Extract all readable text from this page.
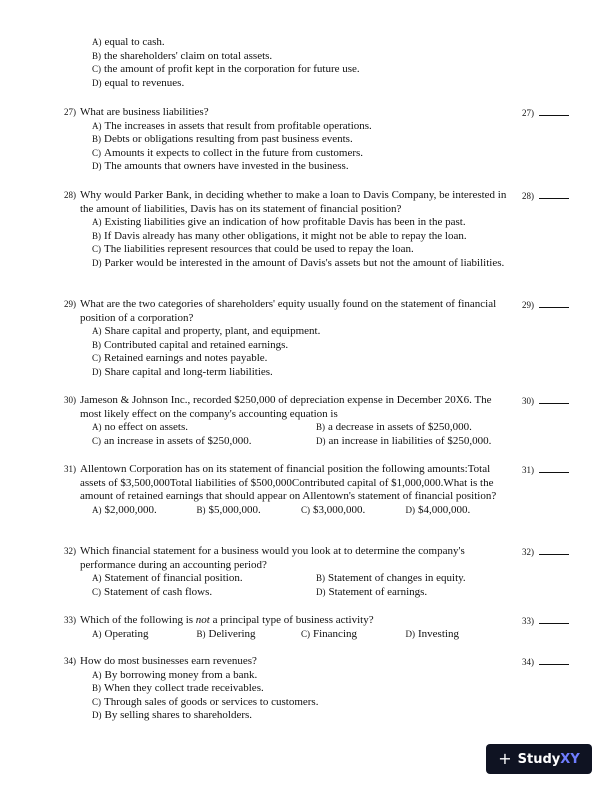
A) equal to cash.
B) the shareholders' claim on total assets.
C) the amount of profit kept in the corporation for future use.
D) equal to revenues.
27) What are business liabilities?
A) The increases in assets that result from profitable operations.
B) Debts or obligations resulting from past business events.
C) Amounts it expects to collect in the future from customers.
D) The amounts that owners have invested in the business.
27)
28) Why would Parker Bank, in deciding whether to make a loan to Davis Company, be interested in the amount of liabilities, Davis has on its statement of financial position?
A) Existing liabilities give an indication of how profitable Davis has been in the past.
B) If Davis already has many other obligations, it might not be able to repay the loan.
C) The liabilities represent resources that could be used to repay the loan.
D) Parker would be interested in the amount of Davis's assets but not the amount of liabilities.
28)
29) What are the two categories of shareholders' equity usually found on the statement of financial position of a corporation?
A) Share capital and property, plant, and equipment.
B) Contributed capital and retained earnings.
C) Retained earnings and notes payable.
D) Share capital and long-term liabilities.
29)
30) Jameson & Johnson Inc., recorded $250,000 of depreciation expense in December 20X6. The most likely effect on the company's accounting equation is
A) no effect on assets.	B) a decrease in assets of $250,000.
C) an increase in assets of $250,000.	D) an increase in liabilities of $250,000.
30)
31) Allentown Corporation has on its statement of financial position the following amounts:Total assets of $3,500,000Total liabilities of $500,000Contributed capital of $1,000,000.What is the amount of retained earnings that should appear on Allentown's statement of financial position?
A) $2,000,000.	B) $5,000,000.	C) $3,000,000.	D) $4,000,000.
31)
32) Which financial statement for a business would you look at to determine the company's performance during an accounting period?
A) Statement of financial position.	B) Statement of changes in equity.
C) Statement of cash flows.	D) Statement of earnings.
32)
33) Which of the following is not a principal type of business activity?
A) Operating	B) Delivering	C) Financing	D) Investing
33)
34) How do most businesses earn revenues?
A) By borrowing money from a bank.
B) When they collect trade receivables.
C) Through sales of goods or services to customers.
D) By selling shares to shareholders.
34)
+ StudyXY
